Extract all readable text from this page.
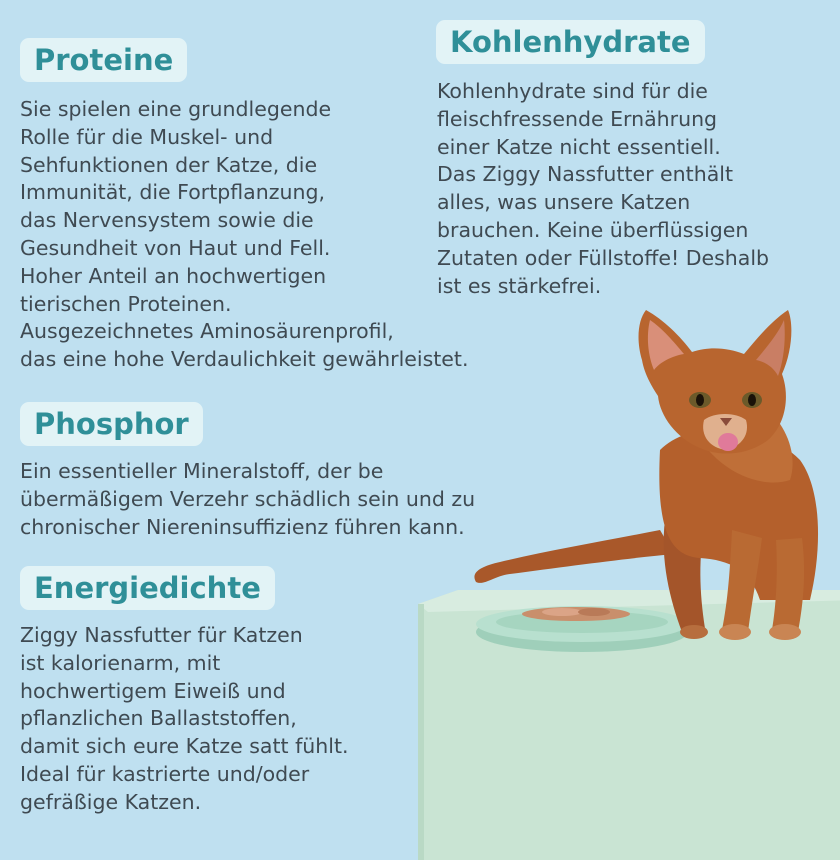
Proteine

Sie spielen eine grundlegende
Rolle für die Muskel- und
Sehfunktionen der Katze, die
Immunität, die Fortpflanzung,
das Nervensystem sowie die
Gesundheit von Haut und Fell.
Hoher Anteil an hochwertigen
tierischen Proteinen.
Ausgezeichnetes Aminosäurenprofil,
das eine hohe Verdaulichkeit gewährleistet.

Kohlenhydrate

Kohlenhydrate sind für die
fleischfressende Ernährung
einer Katze nicht essentiell.
Das Ziggy Nassfutter enthält
alles, was unsere Katzen
brauchen. Keine überflüssigen
Zutaten oder Füllstoffe! Deshalb
ist es stärkefrei.

Phosphor

Ein essentieller Mineralstoff, der be
übermäßigem Verzehr schädlich sein und zu
chronischer Niereninsuffizienz führen kann.

Energiedichte

Ziggy Nassfutter für Katzen
ist kalorienarm, mit
hochwertigem Eiweiß und
pflanzlichen Ballaststoffen,
damit sich eure Katze satt fühlt.
Ideal für kastrierte und/oder
gefräßige Katzen.
